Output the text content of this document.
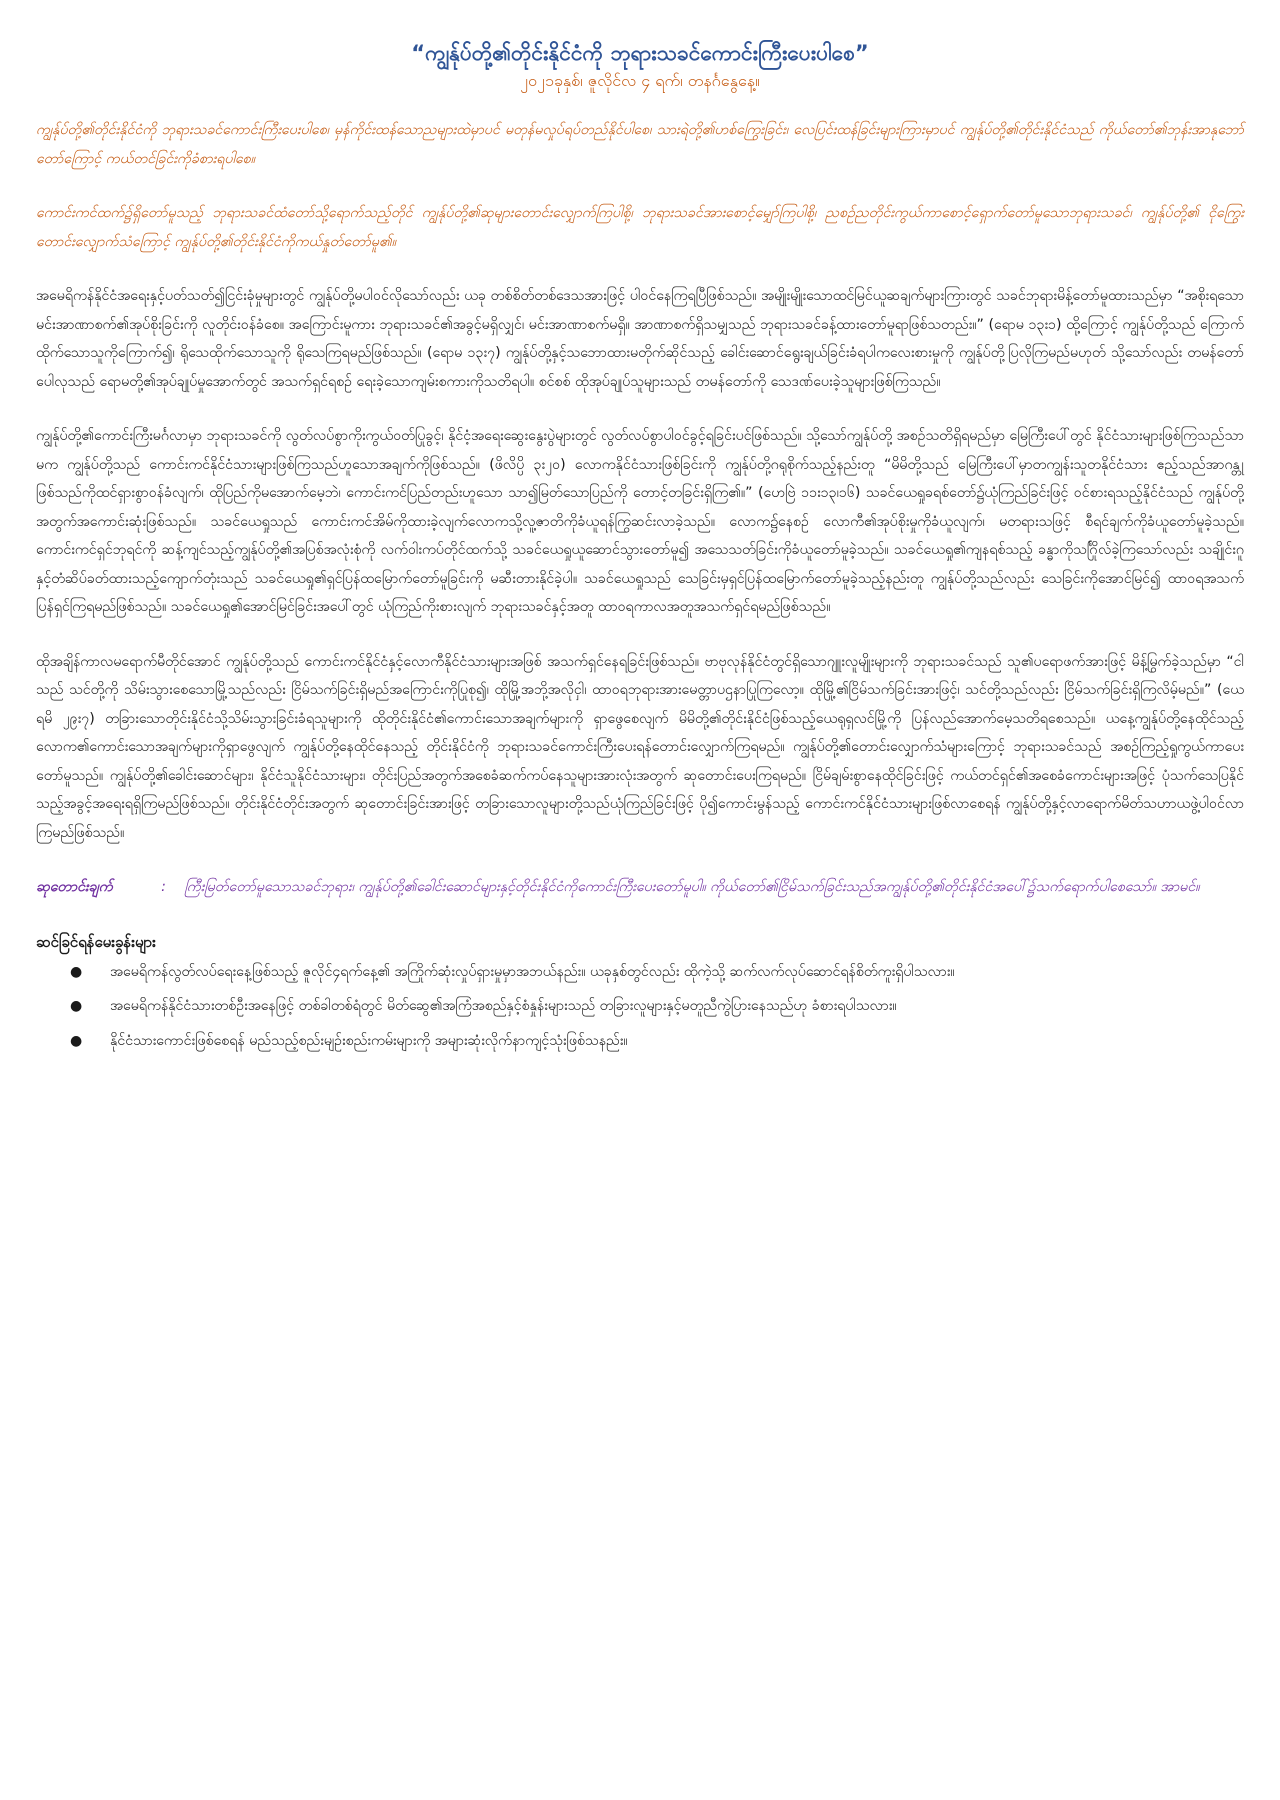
“ကျွန်ုပ်တို့၏တိုင်းနိုင်ငံကို ဘုရားသခင်ကောင်းကြီးပေးပါစေ”

၂၀၂၁ခုနှစ်၊ ဇူလိုင်လ ၄ ရက်၊ တနင်္ဂနွေနေ့။

ကျွန်ုပ်တို့၏တိုင်းနိုင်ငံကို ဘုရားသခင်ကောင်းကြီးပေးပါစေ၊ မှန်ကိုင်းထန်သောညများထဲမှာပင် မတုန်မလှုပ်ရပ်တည်နိုင်ပါစေ၊ သားရဲတို့၏ဟစ်ကြွေးခြင်း၊ လေပြင်းထန်ခြင်းများကြားမှာပင် ကျွန်ုပ်တို့၏တိုင်းနိုင်ငံသည် ကိုယ်တော်၏ဘုန်းအာနုဘော်တော်ကြောင့် ကယ်တင်ခြင်းကိုခံစားရပါစေ။

ကောင်းကင်ထက်၌ရှိတော်မူသည့် ဘုရားသခင်ထံတော်သို့ရောက်သည့်တိုင် ကျွန်ုပ်တို့၏ဆုများတောင်းလျှောက်ကြပါစို့၊ ဘုရားသခင်အားစောင့်မျှော်ကြပါစို့၊ ညစဉ်ညတိုင်းကွယ်ကာစောင့်ရှောက်တော်မူသောဘုရားသခင်၊ ကျွန်ုပ်တို့၏ ငိုကြွေးတောင်းလျှောက်သံကြောင့် ကျွန်ုပ်တို့၏တိုင်းနိုင်ငံကိုကယ်နှုတ်တော်မူ၏။

အမေရိကန်နိုင်ငံအရေးနှင့်ပတ်သတ်၍ငြင်းခုံမှုများတွင် ကျွန်ုပ်တို့မပါဝင်လိုသော်လည်း ယခု တစ်စိတ်တစ်ဒေသအားဖြင့် ပါဝင်နေကြရပြီဖြစ်သည်။ အမျိုးမျိုးသောထင်မြင်ယူဆချက်များကြားတွင် သခင်ဘုရားမိန့်တော်မူထားသည်မှာ “အစိုးရသောမင်းအာဏာစက်၏အုပ်စိုးခြင်းကို လူတိုင်းဝန်ခံစေ။ အကြောင်းမူကား ဘုရားသခင်၏အခွင့်မရှိလျှင်၊ မင်းအာဏာစက်မရှိ။ အာဏာစက်ရှိသမျှသည် ဘုရားသခင်ခန့်ထားတော်မူရာဖြစ်သတည်း။” (ရောမ ၁၃း၁) ထို့ကြောင့် ကျွန်ုပ်တို့သည် ကြောက်ထိုက်သောသူကိုကြောက်၍၊ ရိုသေထိုက်သောသူကို ရိုသေကြရမည်ဖြစ်သည်။ (ရောမ ၁၃း၇) ကျွန်ုပ်တို့နှင့်သဘောထားမတိုက်ဆိုင်သည့် ခေါင်းဆောင်ရွေးချယ်ခြင်းခံရပါကလေးစားမှုကို ကျွန်ုပ်တို့ပြလိုကြမည်မဟုတ် သို့သော်လည်း တမန်တော်ပေါလုသည် ရောမတို့၏အုပ်ချုပ်မှုအောက်တွင် အသက်ရှင်ရစဉ် ရေးခဲ့သောကျမ်းစကားကိုသတိရပါ။ စင်စစ် ထိုအုပ်ချုပ်သူများသည် တမန်တော်ကို သေဒဏ်ပေးခဲ့သူများဖြစ်ကြသည်။

ကျွန်ုပ်တို့၏ကောင်းကြီးမင်္ဂလာမှာ ဘုရားသခင်ကို လွတ်လပ်စွာကိုးကွယ်ဝတ်ပြုခွင့်၊ နိုင်ငံ့အရေးဆွေးနွေးပွဲများတွင် လွတ်လပ်စွာပါဝင်ခွင့်ရခြင်းပင်ဖြစ်သည်။ သို့သော်ကျွန်ုပ်တို့ အစဉ်သတိရှိရမည်မှာ မြေကြီးပေါ်တွင် နိုင်ငံသားများဖြစ်ကြသည်သာမက ကျွန်ုပ်တို့သည် ကောင်းကင်နိုင်ငံသားများဖြစ်ကြသည်ဟူသောအချက်ကိုဖြစ်သည်။ (ဖိလိပ္ပိ ၃း၂၀) လောကနိုင်ငံသားဖြစ်ခြင်းကို ကျွန်ုပ်တို့ဂရုစိုက်သည့်နည်းတူ “မိမိတို့သည် မြေကြီးပေါ်မှာတကျွန်းသူတနိုင်ငံသား ဧည့်သည်အာဂန္တုဖြစ်သည်ကိုထင်ရှားစွာဝန်ခံလျက်၊ ထိုပြည်ကိုမအောက်မေ့ဘဲ၊ ကောင်းကင်ပြည်တည်းဟူသော သာ၍မြတ်သောပြည်ကို တောင့်တခြင်းရှိကြ၏။” (ဟေဗြဲ ၁၁း၁၃၊၁၆) သခင်ယေရှုခရစ်တော်၌ယုံကြည်ခြင်းဖြင့် ဝင်စားရသည့်နိုင်ငံသည် ကျွန်ုပ်တို့အတွက်အကောင်းဆုံးဖြစ်သည်။ သခင်ယေရှုသည် ကောင်းကင်အိမ်ကိုထားခဲ့လျက်လောကသို့လူ့ဇာတိကိုခံယူရန်ကြွဆင်းလာခဲ့သည်။ လောက၌နေစဉ် လောကီ၏အုပ်စိုးမှုကိုခံယူလျက်၊ မတရားသဖြင့် စီရင်ချက်ကိုခံယူတော်မူခဲ့သည်။ ကောင်းကင်ရှင်ဘုရင်ကို ဆန့်ကျင်သည့်ကျွန်ုပ်တို့၏အပြစ်အလုံးစုံကို လက်ဝါးကပ်တိုင်ထက်သို့ သခင်ယေရှုယူဆောင်သွားတော်မူ၍ အသေသတ်ခြင်းကိုခံယူတော်မူခဲ့သည်။ သခင်ယေရှု၏ကျနရစ်သည့် ခန္ဓာကိုသင်္ဂြိုလ်ခဲ့ကြသော်လည်း သချိုင်းဂူနှင့်တံဆိပ်ခတ်ထားသည့်ကျောက်တုံးသည် သခင်ယေရှု၏ရှင်ပြန်ထမြောက်တော်မူခြင်းကို မဆီးတားနိုင်ခဲ့ပါ။ သခင်ယေရှုသည် သေခြင်းမှရှင်ပြန်ထမြောက်တော်မူခဲ့သည့်နည်းတူ ကျွန်ုပ်တို့သည်လည်း သေခြင်းကိုအောင်မြင်၍ ထာဝရအသက်ပြန်ရှင်ကြရမည်ဖြစ်သည်။ သခင်ယေရှု၏အောင်မြင်ခြင်းအပေါ်တွင် ယုံကြည်ကိုးစားလျက် ဘုရားသခင်နှင့်အတူ ထာဝရကာလအတူအသက်ရှင်ရမည်ဖြစ်သည်။

ထိုအချိန်ကာလမရောက်မီတိုင်အောင် ကျွန်ုပ်တို့သည် ကောင်းကင်နိုင်ငံနှင့်လောကီနိုင်ငံသားများအဖြစ် အသက်ရှင်နေရခြင်းဖြစ်သည်။ ဗာဗုလုန်နိုင်ငံတွင်ရှိသောဂျူးလူမျိုးများကို ဘုရားသခင်သည် သူ၏ပရောဖက်အားဖြင့် မိန့်မြွက်ခဲ့သည်မှာ “ငါသည် သင်တို့ကို သိမ်းသွားစေသောမြို့သည်လည်း ငြိမ်သက်ခြင်းရှိမည်အကြောင်းကိုပြုစု၍၊ ထိုမြို့အဘို့အလိုငှါ၊ ထာဝရဘုရားအားမေတ္တာပဌနာပြုကြလော့။ ထိုမြို့၏ငြိမ်သက်ခြင်းအားဖြင့်၊ သင်တို့သည်လည်း ငြိမ်သက်ခြင်းရှိကြလိမ့်မည်။” (ယေရမိ ၂၉း၇) တခြားသောတိုင်းနိုင်ငံသို့သိမ်းသွားခြင်းခံရသူများကို ထိုတိုင်းနိုင်ငံ၏ကောင်းသောအချက်များကို ရှာဖွေစေလျက် မိမိတို့၏တိုင်းနိုင်ငံဖြစ်သည့်ယေရုရှလင်မြို့ကို ပြန်လည်အောက်မေ့သတိရစေသည်။ ယနေ့ကျွန်ုပ်တို့နေထိုင်သည့် လောက၏ကောင်းသောအချက်များကိုရှာဖွေလျက် ကျွန်ုပ်တို့နေထိုင်နေသည့် တိုင်းနိုင်ငံကို ဘုရားသခင်ကောင်းကြီးပေးရန်တောင်းလျှောက်ကြရမည်။ ကျွန်ုပ်တို့၏တောင်းလျှောက်သံများကြောင့် ဘုရားသခင်သည် အစဉ်ကြည့်ရှုကွယ်ကာပေးတော်မူသည်။ ကျွန်ုပ်တို့၏ခေါင်းဆောင်များ၊ နိုင်ငံသူနိုင်ငံသားများ၊ တိုင်းပြည်အတွက်အစေခံဆက်ကပ်နေသူများအားလုံးအတွက် ဆုတောင်းပေးကြရမည်။ ငြိမ်ချမ်းစွာနေထိုင်ခြင်းဖြင့် ကယ်တင်ရှင်၏အစေခံကောင်းများအဖြင့် ပုံသက်သေပြနိုင်သည့်အခွင့်အရေးရရှိကြမည်ဖြစ်သည်။ တိုင်းနိုင်ငံတိုင်းအတွက် ဆုတောင်းခြင်းအားဖြင့် တခြားသောလူများတို့သည်ယုံကြည်ခြင်းဖြင့် ပို၍ကောင်းမွန်သည့် ကောင်းကင်နိုင်ငံသားများဖြစ်လာစေရန် ကျွန်ုပ်တို့နှင့်လာရောက်မိတ်သဟာယဖွဲ့ပါဝင်လာကြမည်ဖြစ်သည်။

ဆုတောင်းချက်	: ကြီးမြတ်တော်မူသောသခင်ဘုရား၊ ကျွန်ုပ်တို့၏ခေါင်းဆောင်များနှင့်တိုင်းနိုင်ငံကိုကောင်းကြီးပေးတော်မူပါ။ ကိုယ်တော်၏ငြိမ်သက်ခြင်းသည်အကျွန်ုပ်တို့၏တိုင်းနိုင်ငံအပေါ်၌သက်ရောက်ပါစေသော်။ အာမင်။

ဆင်ခြင်ရန်မေးခွန်းများ
● အမေရိကန်လွတ်လပ်ရေးနေ့ဖြစ်သည့် ဇူလိုင်၄ရက်နေ့၏ အကြိုက်ဆုံးလှုပ်ရှားမှုမှာအဘယ်နည်း။ ယခုနှစ်တွင်လည်း ထိုကဲ့သို့ ဆက်လက်လုပ်ဆောင်ရန်စိတ်ကူးရှိပါသလား။
● အမေရိကန်နိုင်ငံသားတစ်ဦးအနေဖြင့် တစ်ခါတစ်ရံတွင် မိတ်ဆွေ၏အကြံအစည်နှင့်စံနှုန်းများသည် တခြားလူများနှင့်မတူညီကွဲပြားနေသည်ဟု ခံစားရပါသလား။
● နိုင်ငံသားကောင်းဖြစ်စေရန် မည်သည့်စည်းမျဉ်းစည်းကမ်းများကို အများဆုံးလိုက်နာကျင့်သုံးဖြစ်သနည်း။
